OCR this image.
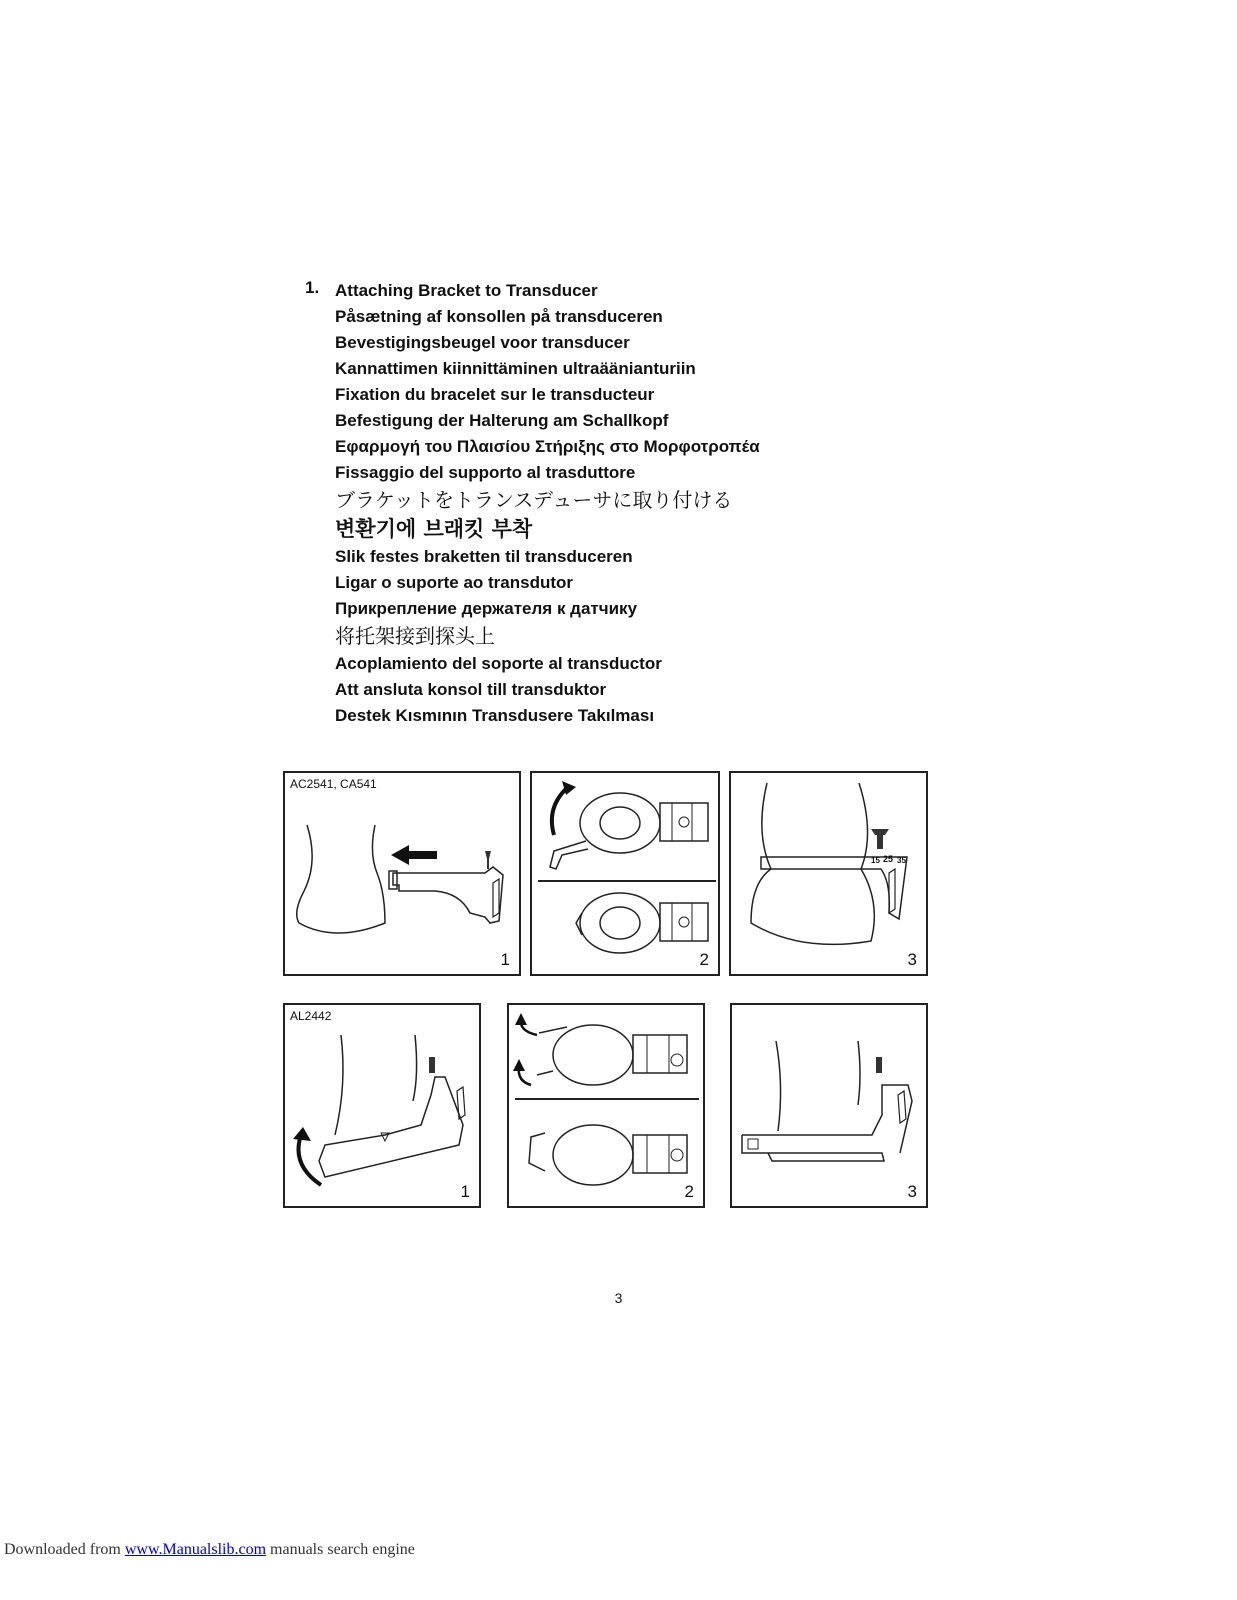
1. Attaching Bracket to Transducer
Påsætning af konsollen på transduceren
Bevestigingsbeugel voor transducer
Kannattimen kiinnittäminen ultraäänianturiin
Fixation du bracelet sur le transducteur
Befestigung der Halterung am Schallkopf
Εφαρμογή του Πλαισίου Στήριξης στο Μορφοτροπέα
Fissaggio del supporto al trasduttore
ブラケットをトランスデューサに取り付ける
변환기에 브래킷 부착
Slik festes braketten til transduceren
Ligar o suporte ao transdutor
Прикрепление держателя к датчику
将托架接到探头上
Acoplamiento del soporte al transductor
Att ansluta konsol till transduktor
Destek Kısmının Transdusere Takılması
AC2541, CA541
1	2
15 25 35
3
AL2442
1	2	3
3
Downloaded from www.Manualslib.com manuals search engine
